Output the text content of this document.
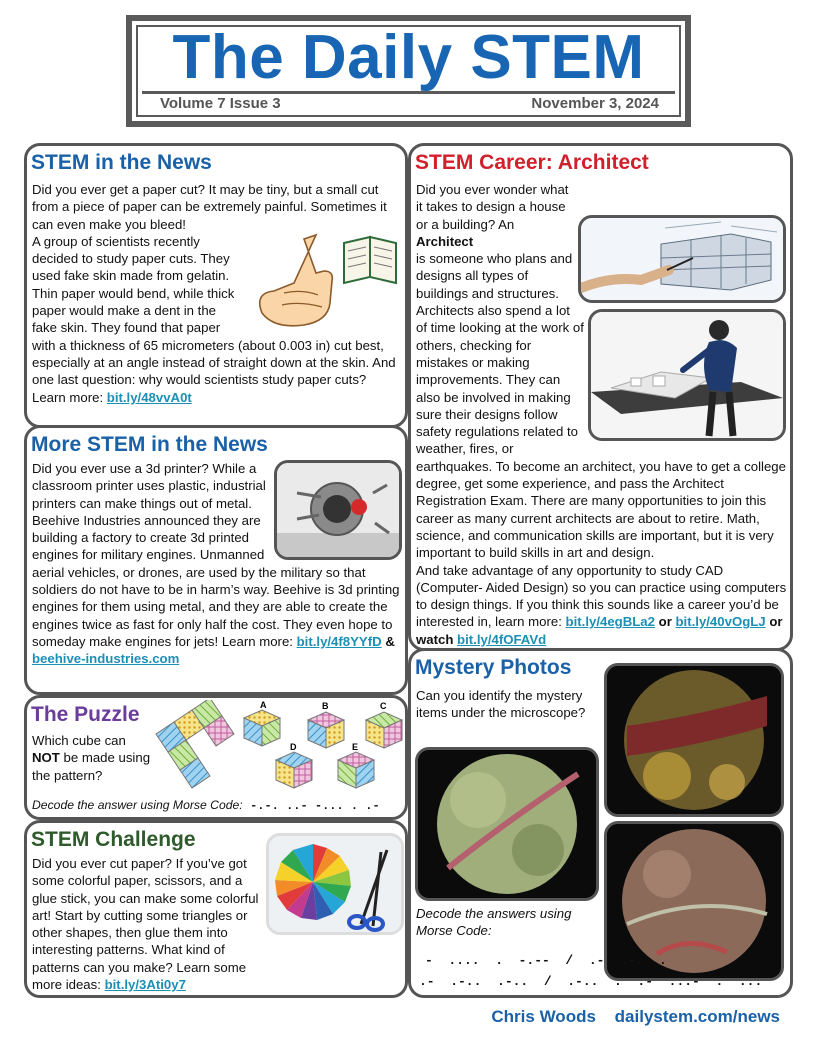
The Daily STEM
Volume 7 Issue 3	November 3, 2024
STEM in the News

Did you ever get a paper cut? It may be tiny, but a small cut from a piece of paper can be extremely painful. Sometimes it can even make you bleed!

A group of scientists recently decided to study paper cuts. They used fake skin made from gelatin. Thin paper would bend, while thick paper would make a dent in the fake skin. They found that paper with a thickness of 65 micrometers (about 0.003 in) cut best, especially at an angle instead of straight down at the skin. And one last question: why would scientists study paper cuts?

Learn more: bit.ly/48vvA0t

More STEM in the News

Did you ever use a 3d printer? While a classroom printer uses plastic, industrial printers can make things out of metal. Beehive Industries announced they are building a factory to create 3d printed engines for military engines. Unmanned aerial vehicles, or drones, are used by the military so that soldiers do not have to be in harm’s way. Beehive is 3d printing engines for them using metal, and they are able to create the engines twice as fast for only half the cost. They even hope to someday make engines for jets! Learn more: bit.ly/4f8YYfD & beehive-industries.com

The Puzzle

Which cube can NOT be made using the pattern?

A	B	C
D	E

Decode the answer using Morse Code: -.-. ..- -... . .-

STEM Challenge

Did you ever cut paper? If you’ve got some colorful paper, scissors, and a glue stick, you can make some colorful art! Start by cutting some triangles or other shapes, then glue them into interesting patterns. What kind of patterns can you make? Learn some more ideas: bit.ly/3Ati0y7

STEM Career: Architect

Did you ever wonder what it takes to design a house or a building? An Architect

is someone who plans and designs all types of buildings and structures. Architects also spend a lot of time looking at the work of others, checking for mistakes or making improvements. They can also be involved in making sure their designs follow safety regulations related to weather, fires, or earthquakes. To become an architect, you have to get a college degree, get some experience, and pass the Architect Registration Exam. There are many opportunities to join this career as many current architects are about to retire. Math, science, and communication skills are important, but it is very important to build skills in art and design.

And take advantage of any opportunity to study CAD (Computer- Aided Design) so you can practice using computers to design things. If you think this sounds like a career you’d be interested in, learn more: bit.ly/4egBLa2 or bit.ly/40vOgLJ or watch bit.ly/4fOFAVd

Mystery Photos

Can you identify the mystery items under the microscope?

Decode the answers using Morse Code:

-  ....  .  -.--  /  .-  .-.  .

.-  .-..  .-..  /  .-..  .  .-  ...-  .  ...

Chris Woods dailystem.com/news
